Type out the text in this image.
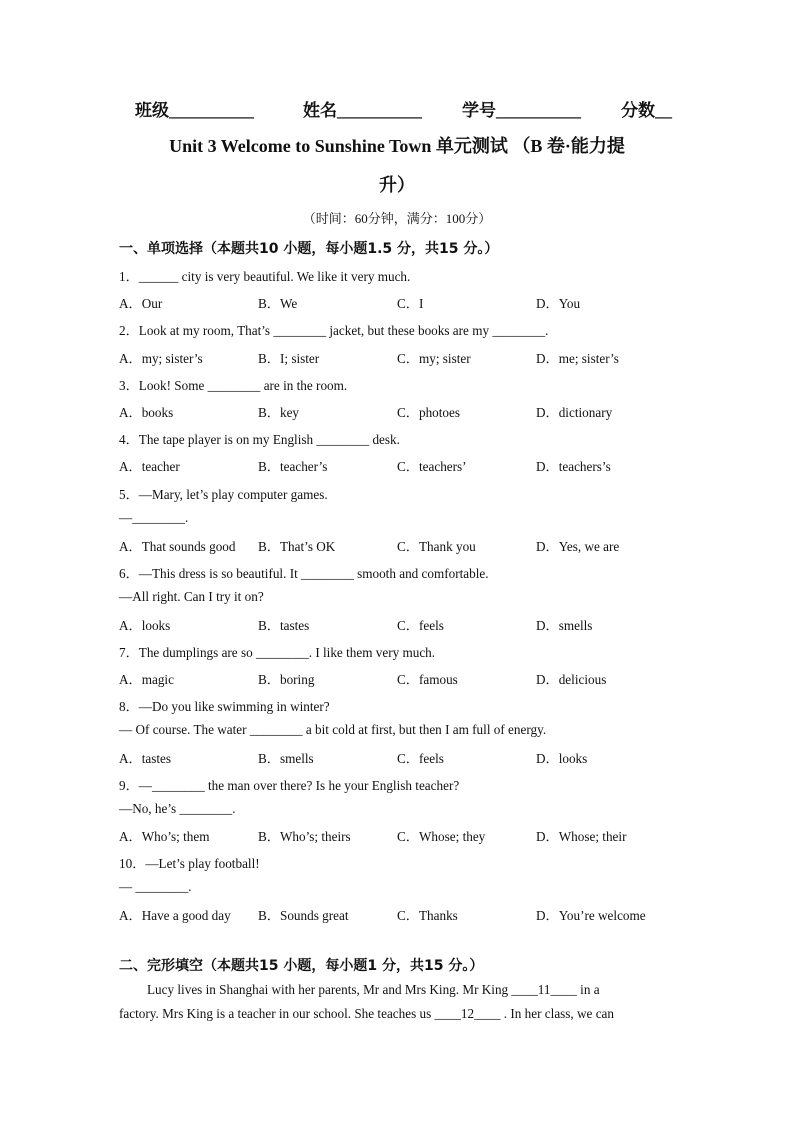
班级__________	姓名__________ 学号__________ 分数__
Unit 3 Welcome to Sunshine Town 单元测试 （B 卷·能力提
升）
（时间：60分钟，满分：100分）
一、单项选择（本题共10 小题，每小题1.5 分，共15 分。）
1．______ city is very beautiful. We like it very much.
A．Our	B．We	C．I	D．You
2．Look at my room, That’s ________ jacket, but these books are my ________.
A．my; sister’s	B．I; sister	C．my; sister	D．me; sister’s
3．Look! Some ________ are in the room.
A．books	B．key	C．photoes	D．dictionary
4．The tape player is on my English ________ desk.
A．teacher	B．teacher’s	C．teachers’	D．teachers’s
5．—Mary, let’s play computer games.
—________.
A．That sounds good B．That’s OK	C．Thank you	D．Yes, we are
6．—This dress is so beautiful. It ________ smooth and comfortable.
—All right. Can I try it on?
A．looks	B．tastes	C．feels	D．smells
7．The dumplings are so ________. I like them very much.
A．magic	B．boring	C．famous	D．delicious
8．—Do you like swimming in winter?
— Of course. The water ________ a bit cold at first, but then I am full of energy.
A．tastes	B．smells	C．feels	D．looks
9．—________ the man over there? Is he your English teacher?
—No, he’s ________.
A．Who’s; them	B．Who’s; theirs	C．Whose; they	D．Whose; their
10．—Let’s play football!
— ________.
A．Have a good day B．Sounds great	C．Thanks	D．You’re welcome
二、完形填空（本题共15 小题，每小题1 分，共15 分。）
Lucy lives in Shanghai with her parents, Mr and Mrs King. Mr King ____11____ in a
factory. Mrs King is a teacher in our school. She teaches us ____12____ . In her class, we can
